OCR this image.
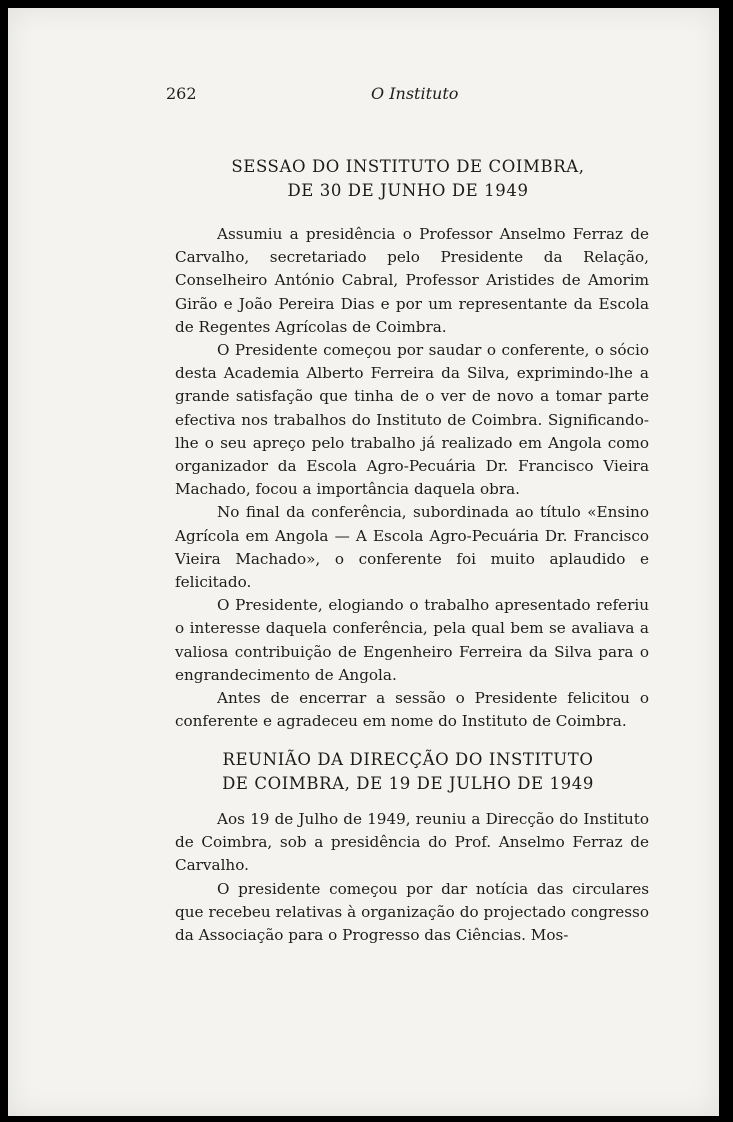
262	O Instituto
SESSAO DO INSTITUTO DE COIMBRA,
DE 30 DE JUNHO DE 1949

Assumiu a presidência o Professor Anselmo Ferraz de Carvalho, secretariado pelo Presidente da Relação, Conselheiro António Cabral, Professor Aristides de Amorim Girão e João Pereira Dias e por um representante da Escola de Regentes Agrícolas de Coimbra.

O Presidente começou por saudar o conferente, o sócio desta Academia Alberto Ferreira da Silva, exprimindo-lhe a grande satisfação que tinha de o ver de novo a tomar parte efectiva nos trabalhos do Instituto de Coimbra. Significando-lhe o seu apreço pelo trabalho já realizado em Angola como organizador da Escola Agro-Pecuária Dr. Francisco Vieira Machado, focou a importância daquela obra.

No final da conferência, subordinada ao título «Ensino Agrícola em Angola — A Escola Agro-Pecuária Dr. Francisco Vieira Machado», o conferente foi muito aplaudido e felicitado.

O Presidente, elogiando o trabalho apresentado referiu o interesse daquela conferência, pela qual bem se avaliava a valiosa contribuição de Engenheiro Ferreira da Silva para o engrandecimento de Angola.

Antes de encerrar a sessão o Presidente felicitou o conferente e agradeceu em nome do Instituto de Coimbra.

REUNIÃO DA DIRECÇÃO DO INSTITUTO
DE COIMBRA, DE 19 DE JULHO DE 1949

Aos 19 de Julho de 1949, reuniu a Direcção do Instituto de Coimbra, sob a presidência do Prof. Anselmo Ferraz de Carvalho.

O presidente começou por dar notícia das circulares que recebeu relativas à organização do projectado congresso da Associação para o Progresso das Ciências. Mos-
